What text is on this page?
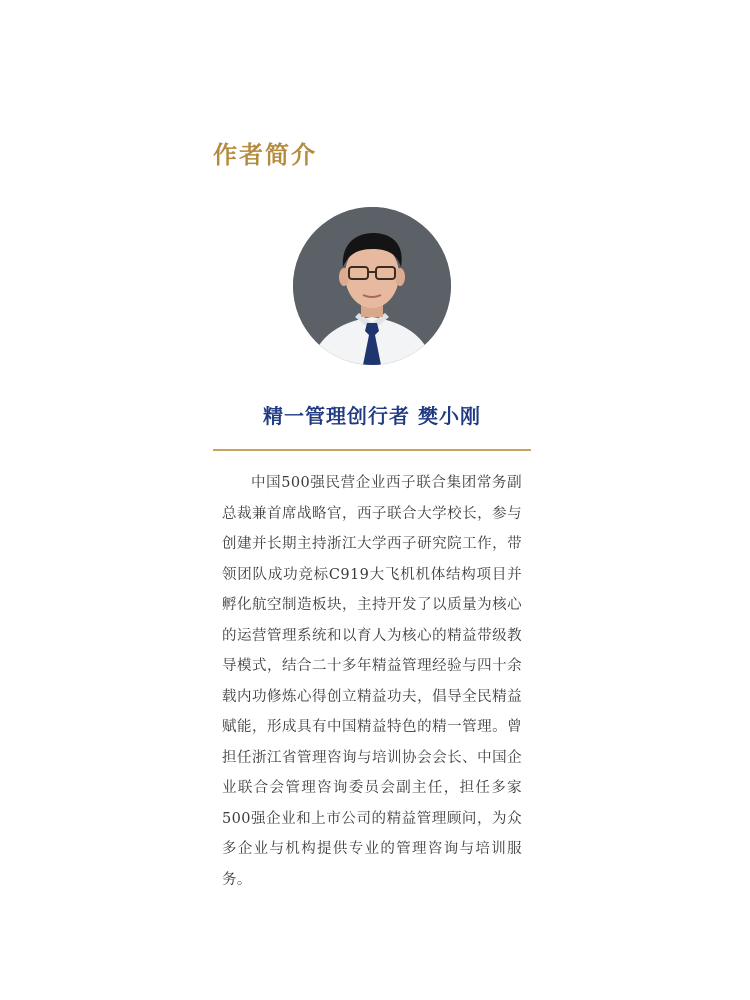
作者简介
精一管理创行者 樊小刚

中国500强民营企业西子联合集团常务副总裁兼首席战略官，西子联合大学校长，参与创建并长期主持浙江大学西子研究院工作，带领团队成功竞标C919大飞机机体结构项目并孵化航空制造板块，主持开发了以质量为核心的运营管理系统和以育人为核心的精益带级教导模式，结合二十多年精益管理经验与四十余载内功修炼心得创立精益功夫，倡导全民精益赋能，形成具有中国精益特色的精一管理。曾担任浙江省管理咨询与培训协会会长、中国企业联合会管理咨询委员会副主任，担任多家500强企业和上市公司的精益管理顾问，为众多企业与机构提供专业的管理咨询与培训服务。
